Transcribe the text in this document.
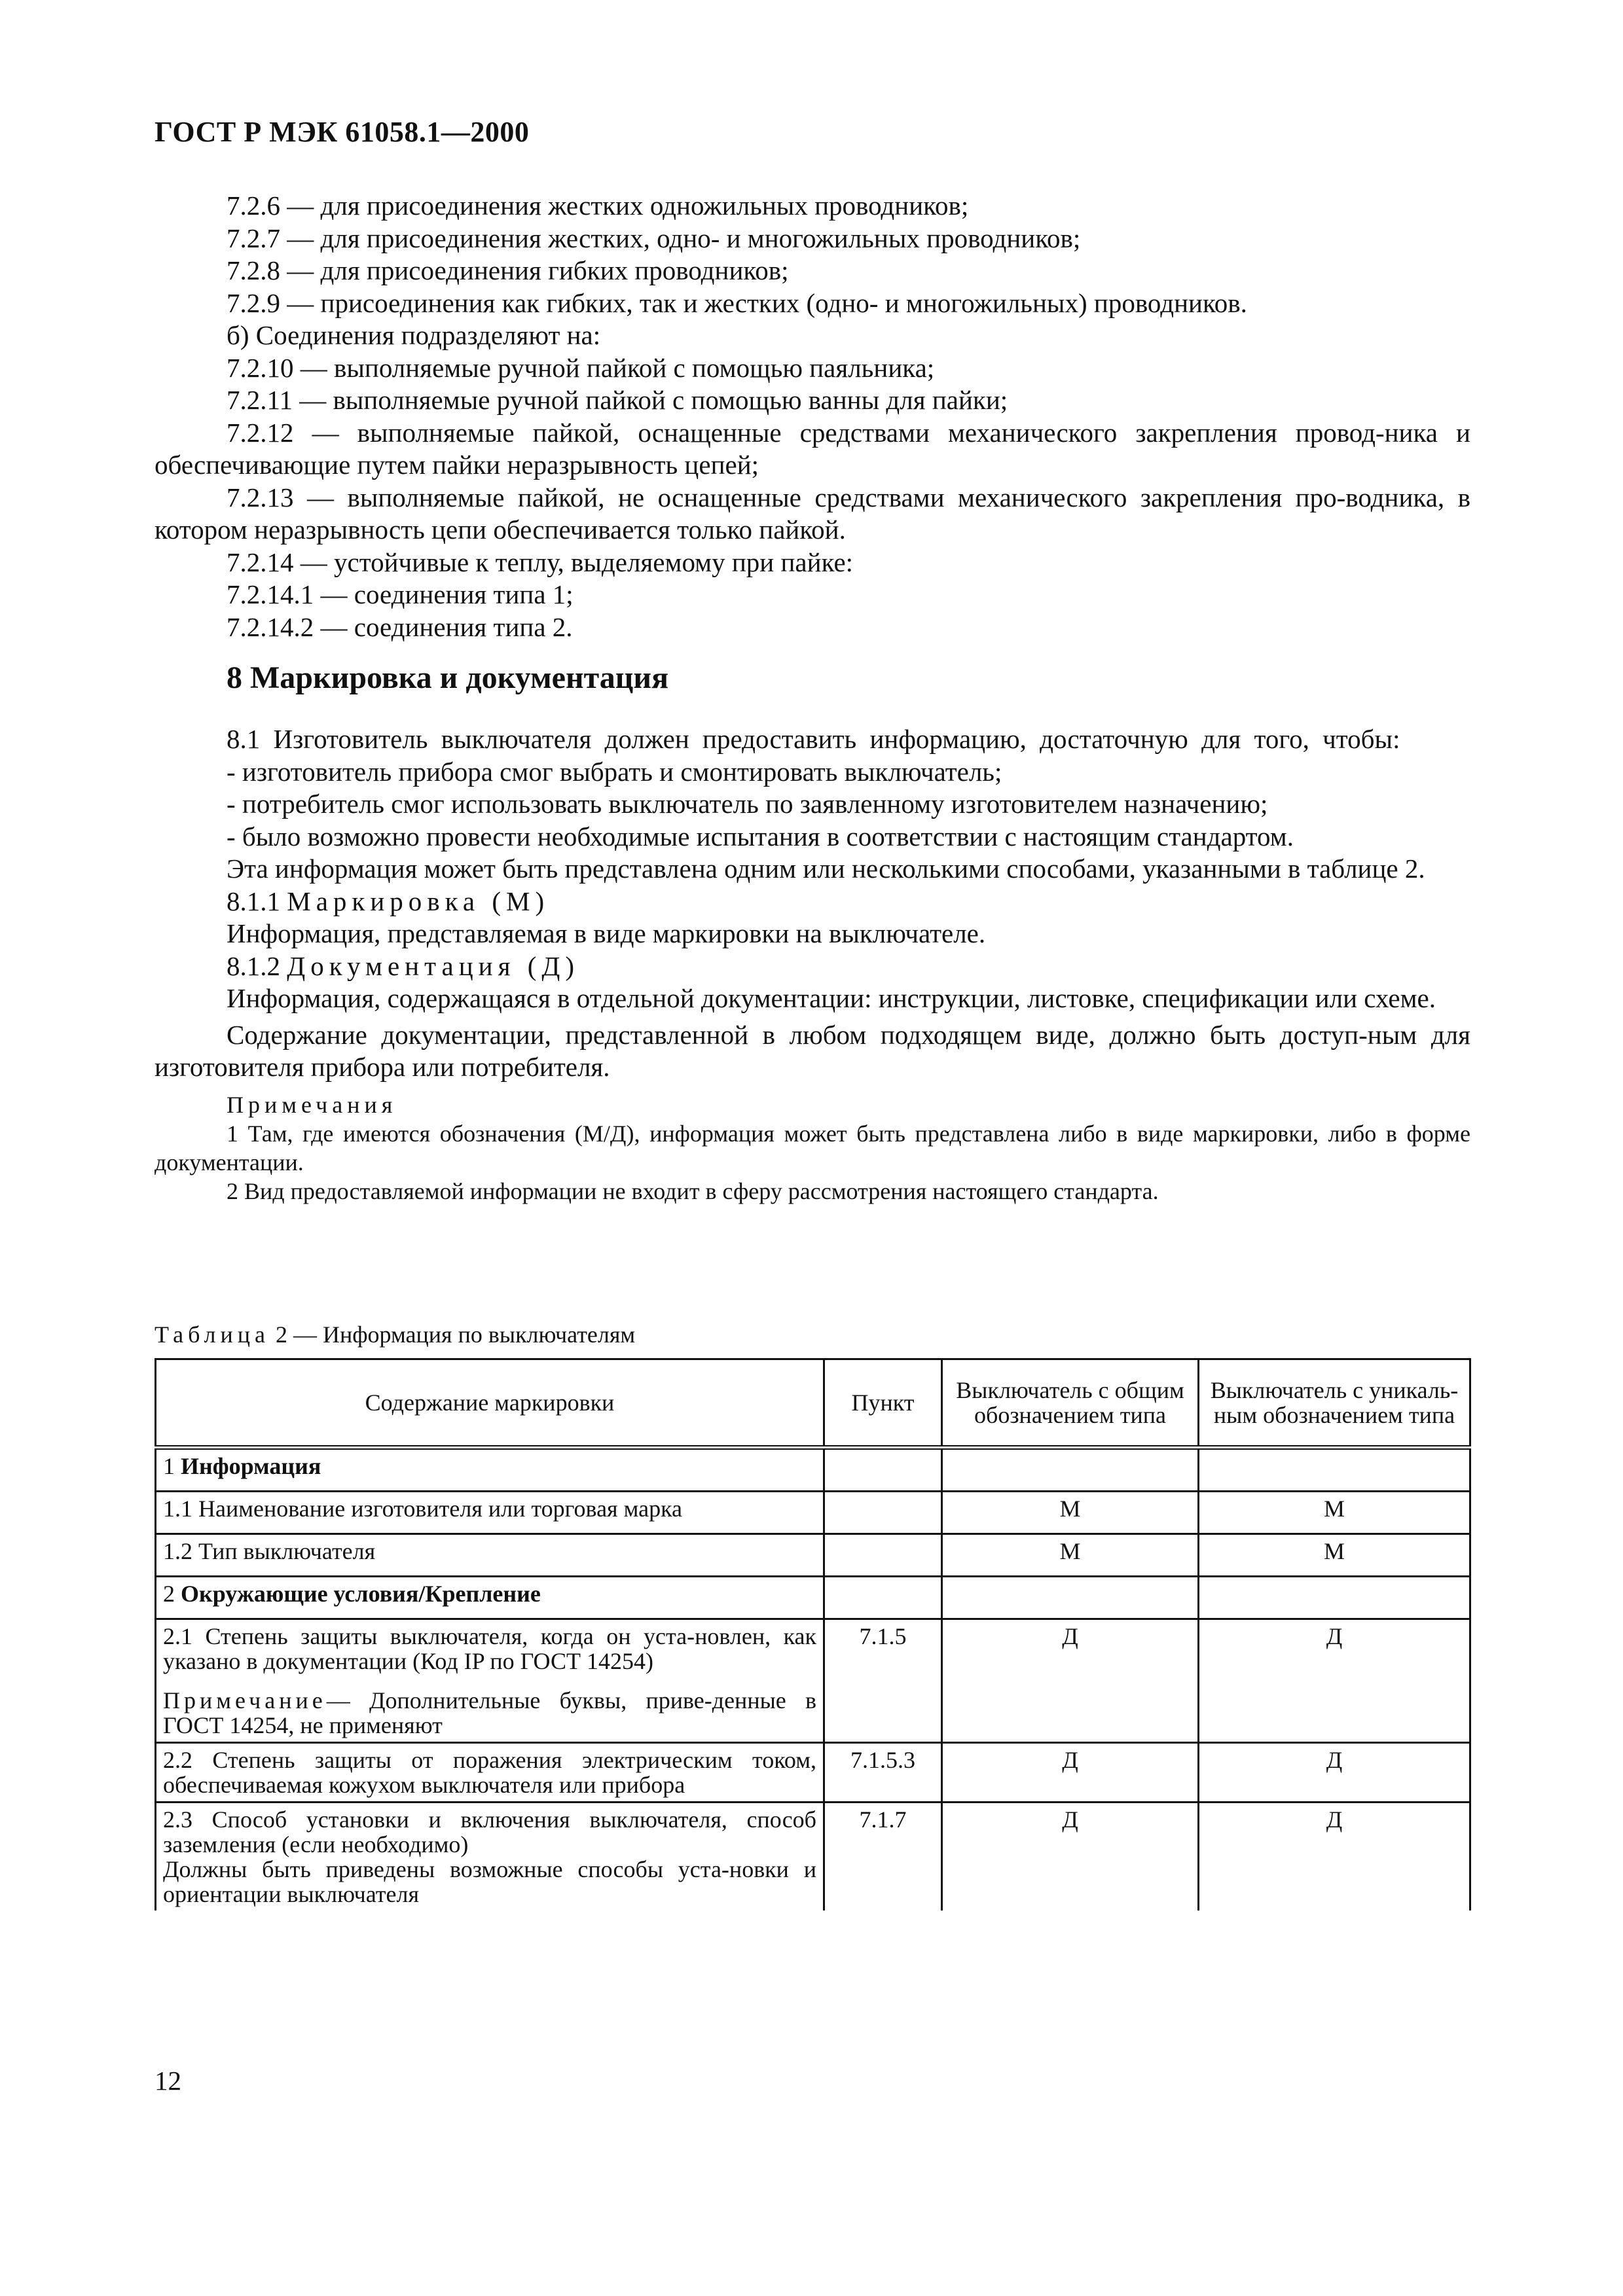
ГОСТ Р МЭК 61058.1—2000

7.2.6 — для присоединения жестких одножильных проводников;

7.2.7 — для присоединения жестких, одно- и многожильных проводников;

7.2.8 — для присоединения гибких проводников;

7.2.9 — присоединения как гибких, так и жестких (одно- и многожильных) проводников.

б) Соединения подразделяют на:

7.2.10 — выполняемые ручной пайкой с помощью паяльника;

7.2.11 — выполняемые ручной пайкой с помощью ванны для пайки;

7.2.12 — выполняемые пайкой, оснащенные средствами механического закрепления провод-ника и обеспечивающие путем пайки неразрывность цепей;

7.2.13 — выполняемые пайкой, не оснащенные средствами механического закрепления про-водника, в котором неразрывность цепи обеспечивается только пайкой.

7.2.14 — устойчивые к теплу, выделяемому при пайке:

7.2.14.1 — соединения типа 1;

7.2.14.2 — соединения типа 2.

8 Маркировка и документация

8.1 Изготовитель выключателя должен предоставить информацию, достаточную для того, чтобы:

- изготовитель прибора смог выбрать и смонтировать выключатель;

- потребитель смог использовать выключатель по заявленному изготовителем назначению;

- было возможно провести необходимые испытания в соответствии с настоящим стандартом.

Эта информация может быть представлена одним или несколькими способами, указанными в таблице 2.

8.1.1 Маркировка (М)

Информация, представляемая в виде маркировки на выключателе.

8.1.2 Документация (Д)

Информация, содержащаяся в отдельной документации: инструкции, листовке, спецификации или схеме.

Содержание документации, представленной в любом подходящем виде, должно быть доступ-ным для изготовителя прибора или потребителя.

Примечания

1 Там, где имеются обозначения (М/Д), информация может быть представлена либо в виде маркировки, либо в форме документации.

2 Вид предоставляемой информации не входит в сферу рассмотрения настоящего стандарта.

Таблица 2 — Информация по выключателям
Содержание маркировки	Пункт	Выключатель с общим обозначением типа	Выключатель с уникаль-ным обозначением типа
1 Информация			
1.1 Наименование изготовителя или торговая марка		М	М
1.2 Тип выключателя		М	М
2 Окружающие условия/Крепление			

2.1 Степень защиты выключателя, когда он уста-новлен, как указано в документации (Код IP по ГОСТ 14254)
Примечание— Дополнительные буквы, приве-денные в ГОСТ 14254, не применяют	7.1.5	Д	Д
2.2 Степень защиты от поражения электрическим током, обеспечиваемая кожухом выключателя или прибора	7.1.5.3	Д	Д

2.3 Способ установки и включения выключателя, способ заземления (если необходимо)
Должны быть приведены возможные способы уста-новки и ориентации выключателя	7.1.7	Д	Д
12
